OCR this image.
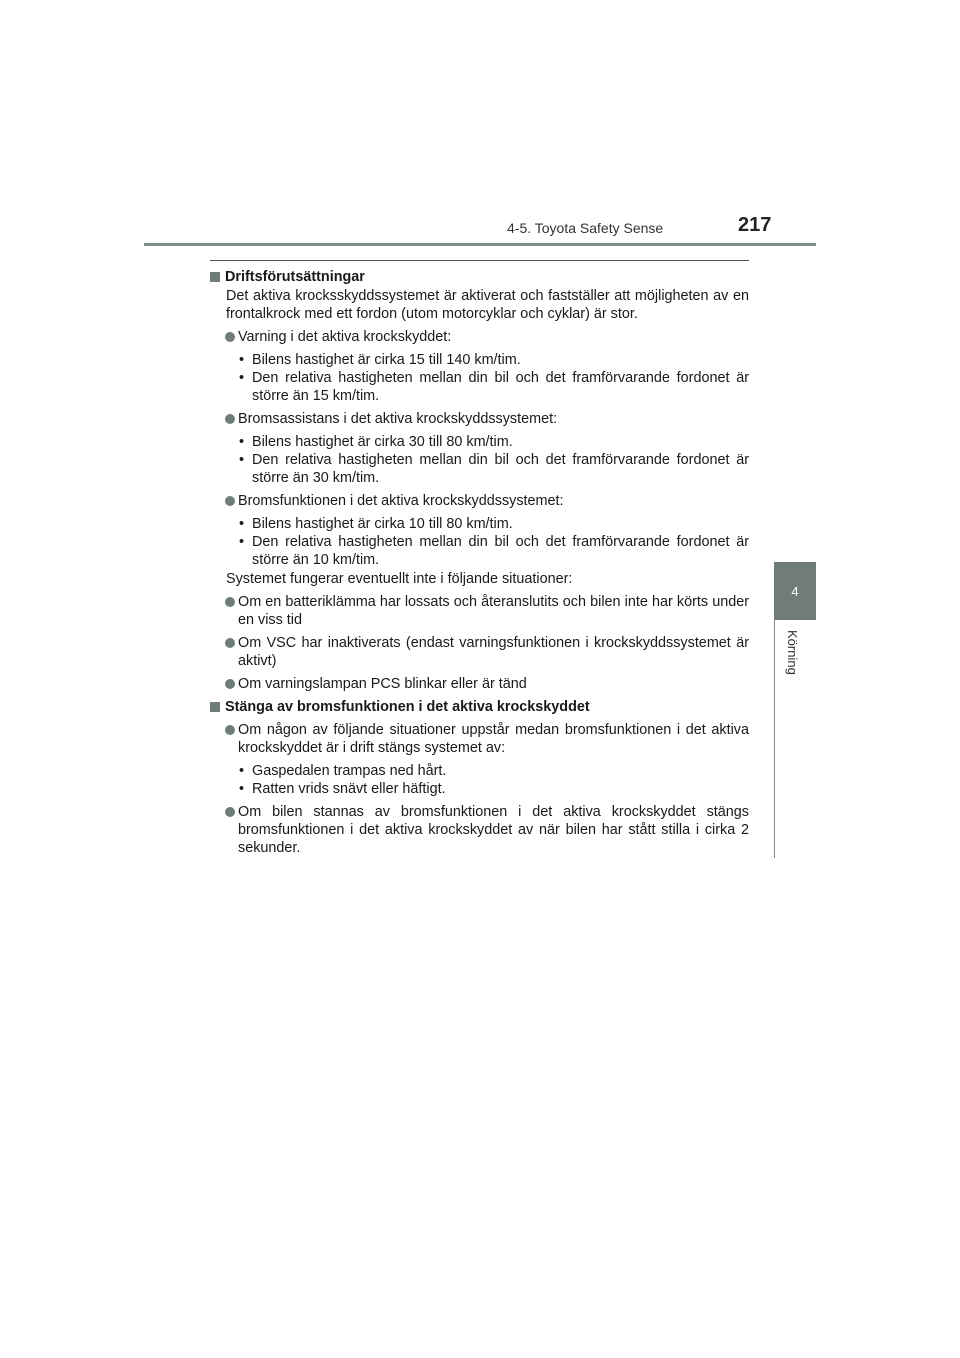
4-5. Toyota Safety Sense	217
4
Körning
Driftsförutsättningar
Det aktiva krocksskyddssystemet är aktiverat och fastställer att möjligheten av en frontalkrock med ett fordon (utom motorcyklar och cyklar) är stor.
Varning i det aktiva krockskyddet:
• Bilens hastighet är cirka 15 till 140 km/tim.
• Den relativa hastigheten mellan din bil och det framförvarande fordonet är större än 15 km/tim.
Bromsassistans i det aktiva krockskyddssystemet:
• Bilens hastighet är cirka 30 till 80 km/tim.
• Den relativa hastigheten mellan din bil och det framförvarande fordonet är större än 30 km/tim.
Bromsfunktionen i det aktiva krockskyddssystemet:
• Bilens hastighet är cirka 10 till 80 km/tim.
• Den relativa hastigheten mellan din bil och det framförvarande fordonet är större än 10 km/tim.
Systemet fungerar eventuellt inte i följande situationer:
Om en batteriklämma har lossats och återanslutits och bilen inte har körts under en viss tid
Om VSC har inaktiverats (endast varningsfunktionen i krockskyddssystemet är aktivt)
Om varningslampan PCS blinkar eller är tänd
Stänga av bromsfunktionen i det aktiva krockskyddet
Om någon av följande situationer uppstår medan bromsfunktionen i det aktiva krockskyddet är i drift stängs systemet av:
• Gaspedalen trampas ned hårt.
• Ratten vrids snävt eller häftigt.
Om bilen stannas av bromsfunktionen i det aktiva krockskyddet stängs bromsfunktionen i det aktiva krockskyddet av när bilen har stått stilla i cirka 2 sekunder.
